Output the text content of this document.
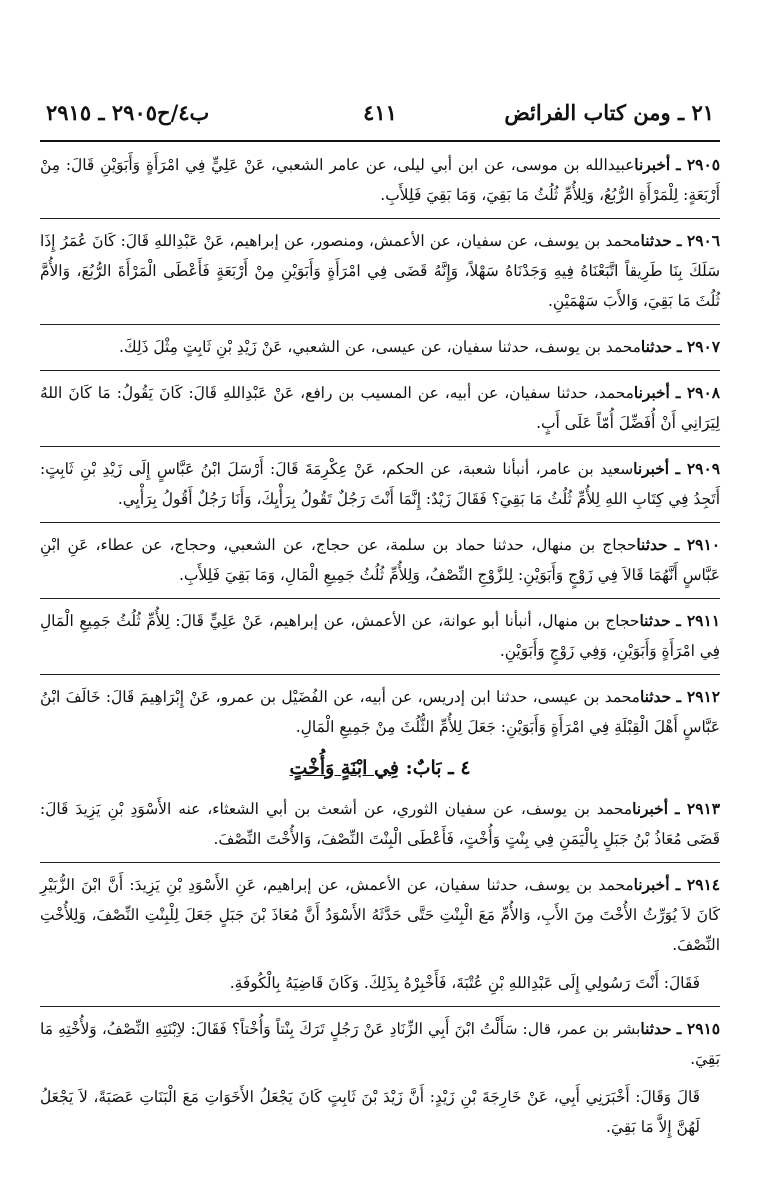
٢١ ـ ومن كتاب الفرائض
٤١١
ب٤/ح٢٩٠٥ ـ ٢٩١٥
٢٩٠٥ ـ أخبرناعبيدالله بن موسى، عن ابن أبي ليلى، عن عامر الشعبي، عَنْ عَلِيٍّ فِي امْرَأَةٍ وَأَبَوَيْنِ قَالَ: مِنْ أَرْبَعَةٍ: لِلْمَرْأَةِ الرُّبُعُ، وَلِلأُمِّ ثُلُثُ مَا بَقِيَ، وَمَا بَقِيَ فَلِلأَبِ.
٢٩٠٦ ـ حدثنامحمد بن يوسف، عن سفيان، عن الأعمش، ومنصور، عن إبراهيم، عَنْ عَبْدِاللهِ قَالَ: كَانَ عُمَرُ إِذَا سَلَكَ بِنَا طَرِيقاً اتَّبَعْنَاهُ فِيهِ وَجَدْنَاهُ سَهْلاً، وَإِنَّهُ قَضَى فِي امْرَأَةٍ وَأَبَوَيْنِ مِنْ أَرْبَعَةٍ فَأَعْطَى الْمَرْأَةَ الرُّبُعَ، وَالأُمَّ ثُلُثَ مَا بَقِيَ، وَالأَبَ سَهْمَيْنِ.
٢٩٠٧ ـ حدثنامحمد بن يوسف، حدثنا سفيان، عن عيسى، عن الشعبي، عَنْ زَيْدِ بْنِ ثَابِتٍ مِثْلَ ذَلِكَ.
٢٩٠٨ ـ أخبرنامحمد، حدثنا سفيان، عن أبيه، عن المسيب بن رافع، عَنْ عَبْدِاللهِ قَالَ: كَانَ يَقُولُ: مَا كَانَ اللهُ لِيَرَانِي أَنْ أُفَضِّلَ أُمّاً عَلَى أَبٍ.
٢٩٠٩ ـ أخبرناسعيد بن عامر، أنبأنا شعبة، عن الحكم، عَنْ عِكْرِمَةَ قَالَ: أَرْسَلَ ابْنُ عَبَّاسٍ إِلَى زَيْدِ بْنِ ثَابِتٍ: أَتَجِدُ فِي كِتَابِ اللهِ لِلأُمِّ ثُلُثُ مَا بَقِيَ؟ فَقَالَ زَيْدٌ: إِنَّمَا أَنْتَ رَجُلٌ تَقُولُ بِرَأْيِكَ، وَأَنَا رَجُلٌ أَقُولُ بِرَأْيِي.
٢٩١٠ ـ حدثناحجاج بن منهال، حدثنا حماد بن سلمة، عن حجاج، عن الشعبي، وحجاج، عن عطاء، عَنِ ابْنِ عَبَّاسٍ أَنَّهُمَا قَالاَ فِي زَوْجٍ وَأَبَوَيْنِ: لِلزَّوْجِ النِّصْفُ، وَلِلأُمِّ ثُلُثُ جَمِيعِ الْمَالِ، وَمَا بَقِيَ فَلِلأَبِ.
٢٩١١ ـ حدثناحجاج بن منهال، أنبأنا أبو عوانة، عن الأعمش، عن إبراهيم، عَنْ عَلِيٍّ قَالَ: لِلأُمِّ ثُلُثُ جَمِيعِ الْمَالِ فِي امْرَأَةٍ وَأَبَوَيْنِ، وَفِي زَوْجٍ وَأَبَوَيْنِ.
٢٩١٢ ـ حدثنامحمد بن عيسى، حدثنا ابن إدريس، عن أبيه، عن الفُضَيْل بن عمرو، عَنْ إِبْرَاهِيمَ قَالَ: خَالَفَ ابْنُ عَبَّاسٍ أَهْلَ الْقِبْلَةِ فِي امْرَأَةٍ وَأَبَوَيْنِ: جَعَلَ لِلأُمِّ الثُّلُثَ مِنْ جَمِيعِ الْمَالِ.
٤ ـ بَابٌ: فِي ابْنَةٍ وَأُخْتٍ
٢٩١٣ ـ أخبرنامحمد بن يوسف، عن سفيان الثوري، عن أشعث بن أبي الشعثاء، عنه الأَسْوَدِ بْنِ يَزِيدَ قَالَ: قَضَى مُعَاذُ بْنُ جَبَلٍ بِالْيَمَنِ فِي بِنْتٍ وَأُخْتٍ، فَأَعْطَى الْبِنْتَ النِّصْفَ، وَالأُخْتَ النِّصْفَ.
٢٩١٤ ـ أخبرنامحمد بن يوسف، حدثنا سفيان، عن الأعمش، عن إبراهيم، عَنِ الأَسْوَدِ بْنِ يَزِيدَ: أَنَّ ابْنَ الزُّبَيْرِ كَانَ لاَ يُوَرِّثُ الأُخْتَ مِنَ الأَبِ، وَالأُمِّ مَعَ الْبِنْتِ حَتَّى حَدَّثَهُ الأَسْوَدُ أَنَّ مُعَاذَ بْنَ جَبَلٍ جَعَلَ لِلْبِنْتِ النِّصْفَ، وَلِلأُخْتِ النِّصْفَ.
فَقَالَ: أَنْتَ رَسُولِي إِلَى عَبْدِاللهِ بْنِ عُتْبَةَ، فَأَخْبِرْهُ بِذَلِكَ. وَكَانَ قَاضِيَهُ بِالْكُوفَةِ.
٢٩١٥ ـ حدثنابشر بن عمر، قال: سَأَلْتُ ابْنَ أَبِي الزِّنَادِ عَنْ رَجُلٍ تَرَكَ بِنْتاً وَأُخْتاً؟ فَقَالَ: لاِبْنَتِهِ النِّصْفُ، وَلأُخْتِهِ مَا بَقِيَ.
قَالَ وَقَالَ: أَخْبَرَنِي أَبِي، عَنْ خَارِجَةَ بْنِ زَيْدٍ: أَنَّ زَيْدَ بْنَ ثَابِتٍ كَانَ يَجْعَلُ الأَخَوَاتِ مَعَ الْبَنَاتِ عَصَبَةً، لاَ يَجْعَلُ لَهُنَّ إِلاَّ مَا بَقِيَ.
